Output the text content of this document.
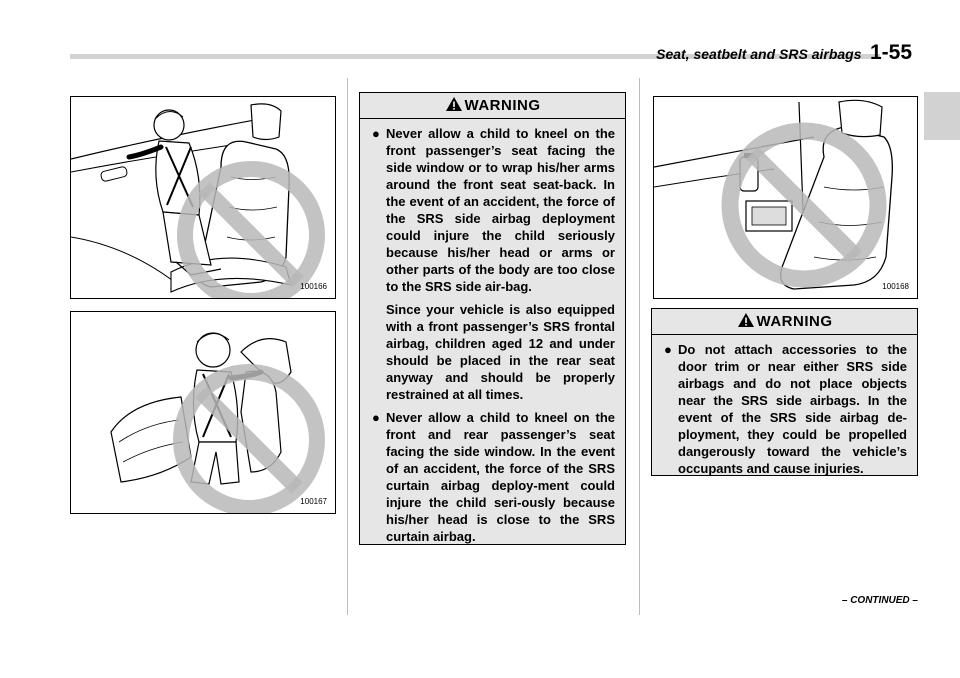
Seat, seatbelt and SRS airbags 1-55
100166
100167
WARNING
● Never allow a child to kneel on the front passenger’s seat facing the side window or to wrap his/her arms around the front seat seat-back. In the event of an accident, the force of the SRS side airbag deployment could injure the child seriously because his/her head or arms or other parts of the body are too close to the SRS side air-bag.

Since your vehicle is also equipped with a front passenger’s SRS frontal airbag, children aged 12 and under should be placed in the rear seat anyway and should be properly restrained at all times.

● Never allow a child to kneel on the front and rear passenger’s seat facing the side window. In the event of an accident, the force of the SRS curtain airbag deploy-ment could injure the child seri-ously because his/her head is close to the SRS curtain airbag.

100168
WARNING
● Do not attach accessories to the door trim or near either SRS side airbags and do not place objects near the SRS side airbags. In the event of the SRS side airbag de-ployment, they could be propelled dangerously toward the vehicle’s occupants and cause injuries.

– CONTINUED –
